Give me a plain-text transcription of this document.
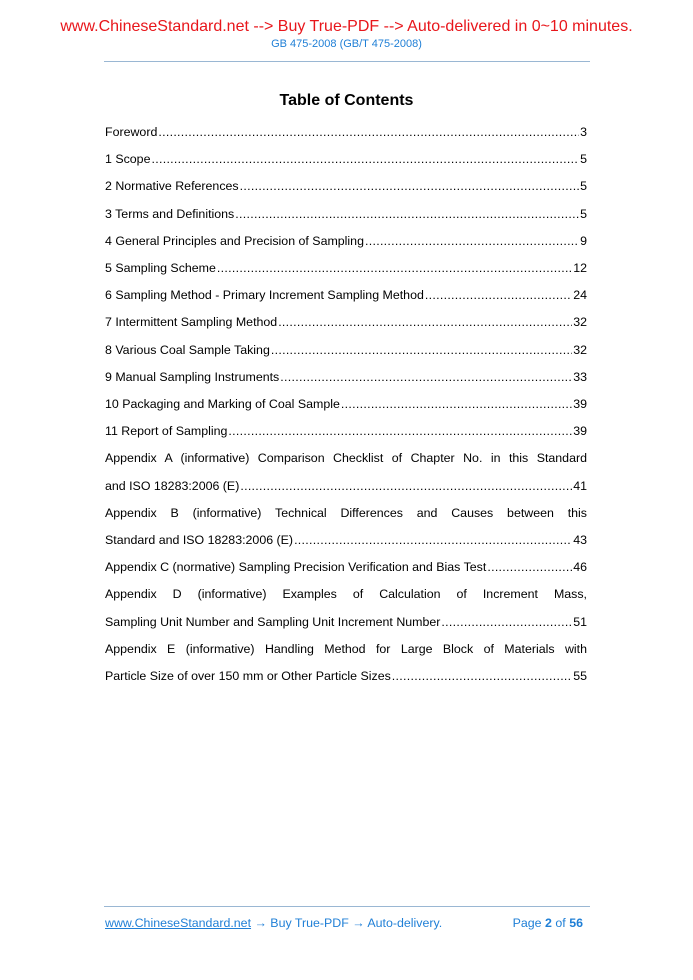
www.ChineseStandard.net --> Buy True-PDF --> Auto-delivered in 0~10 minutes.
GB 475-2008 (GB/T 475-2008)
Table of Contents
Foreword .....	3
1 Scope .....	5
2 Normative References .....	5
3 Terms and Definitions .....	5
4 General Principles and Precision of Sampling .....	9
5 Sampling Scheme .....	12
6 Sampling Method - Primary Increment Sampling Method .....	24
7 Intermittent Sampling Method .....	32
8 Various Coal Sample Taking .....	32
9 Manual Sampling Instruments .....	33
10 Packaging and Marking of Coal Sample .....	39
11 Report of Sampling .....	39
Appendix A (informative) Comparison Checklist of Chapter No. in this Standard
and ISO 18283:2006 (E) .....	41
Appendix B (informative) Technical Differences and Causes between this
Standard and ISO 18283:2006 (E) .....	43
Appendix C (normative) Sampling Precision Verification and Bias Test .....	46
Appendix D (informative) Examples of Calculation of Increment Mass,
Sampling Unit Number and Sampling Unit Increment Number .....	51
Appendix E (informative) Handling Method for Large Block of Materials with
Particle Size of over 150 mm or Other Particle Sizes .....	55
www.ChineseStandard.net → Buy True-PDF → Auto-delivery.	Page 2 of 56
